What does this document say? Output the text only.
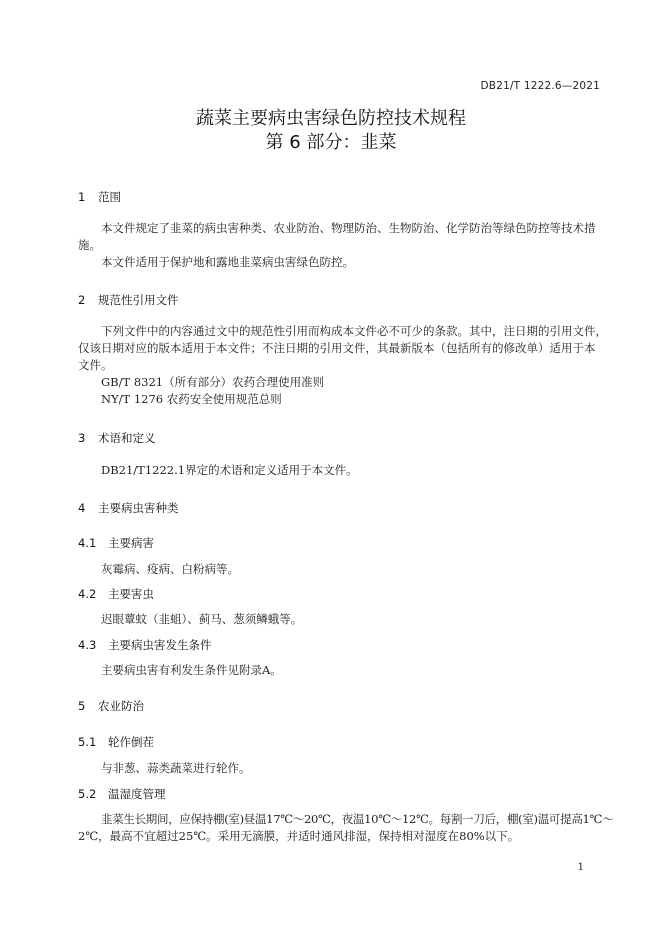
DB21/T 1222.6—2021
蔬菜主要病虫害绿色防控技术规程
第 6 部分：韭菜
1 范围
本文件规定了韭菜的病虫害种类、农业防治、物理防治、生物防治、化学防治等绿色防控等技术措
施。
本文件适用于保护地和露地韭菜病虫害绿色防控。
2 规范性引用文件
下列文件中的内容通过文中的规范性引用而构成本文件必不可少的条款。其中，注日期的引用文件，
仅该日期对应的版本适用于本文件；不注日期的引用文件，其最新版本（包括所有的修改单）适用于本
文件。
GB/T 8321（所有部分）农药合理使用准则
NY/T 1276 农药安全使用规范总则
3 术语和定义
DB21/T1222.1界定的术语和定义适用于本文件。
4 主要病虫害种类
4.1 主要病害
灰霉病、疫病、白粉病等。
4.2 主要害虫
迟眼蕈蚊（韭蛆）、蓟马、葱须鳞蛾等。
4.3 主要病虫害发生条件
主要病虫害有利发生条件见附录A。
5 农业防治
5.1 轮作倒茬
与非葱、蒜类蔬菜进行轮作。
5.2 温湿度管理
韭菜生长期间，应保持棚(室)昼温17℃～20℃，夜温10℃～12℃。每割一刀后，棚(室)温可提高1℃～
2℃，最高不宜超过25℃。采用无滴膜，并适时通风排湿，保持相对湿度在80%以下。
1
